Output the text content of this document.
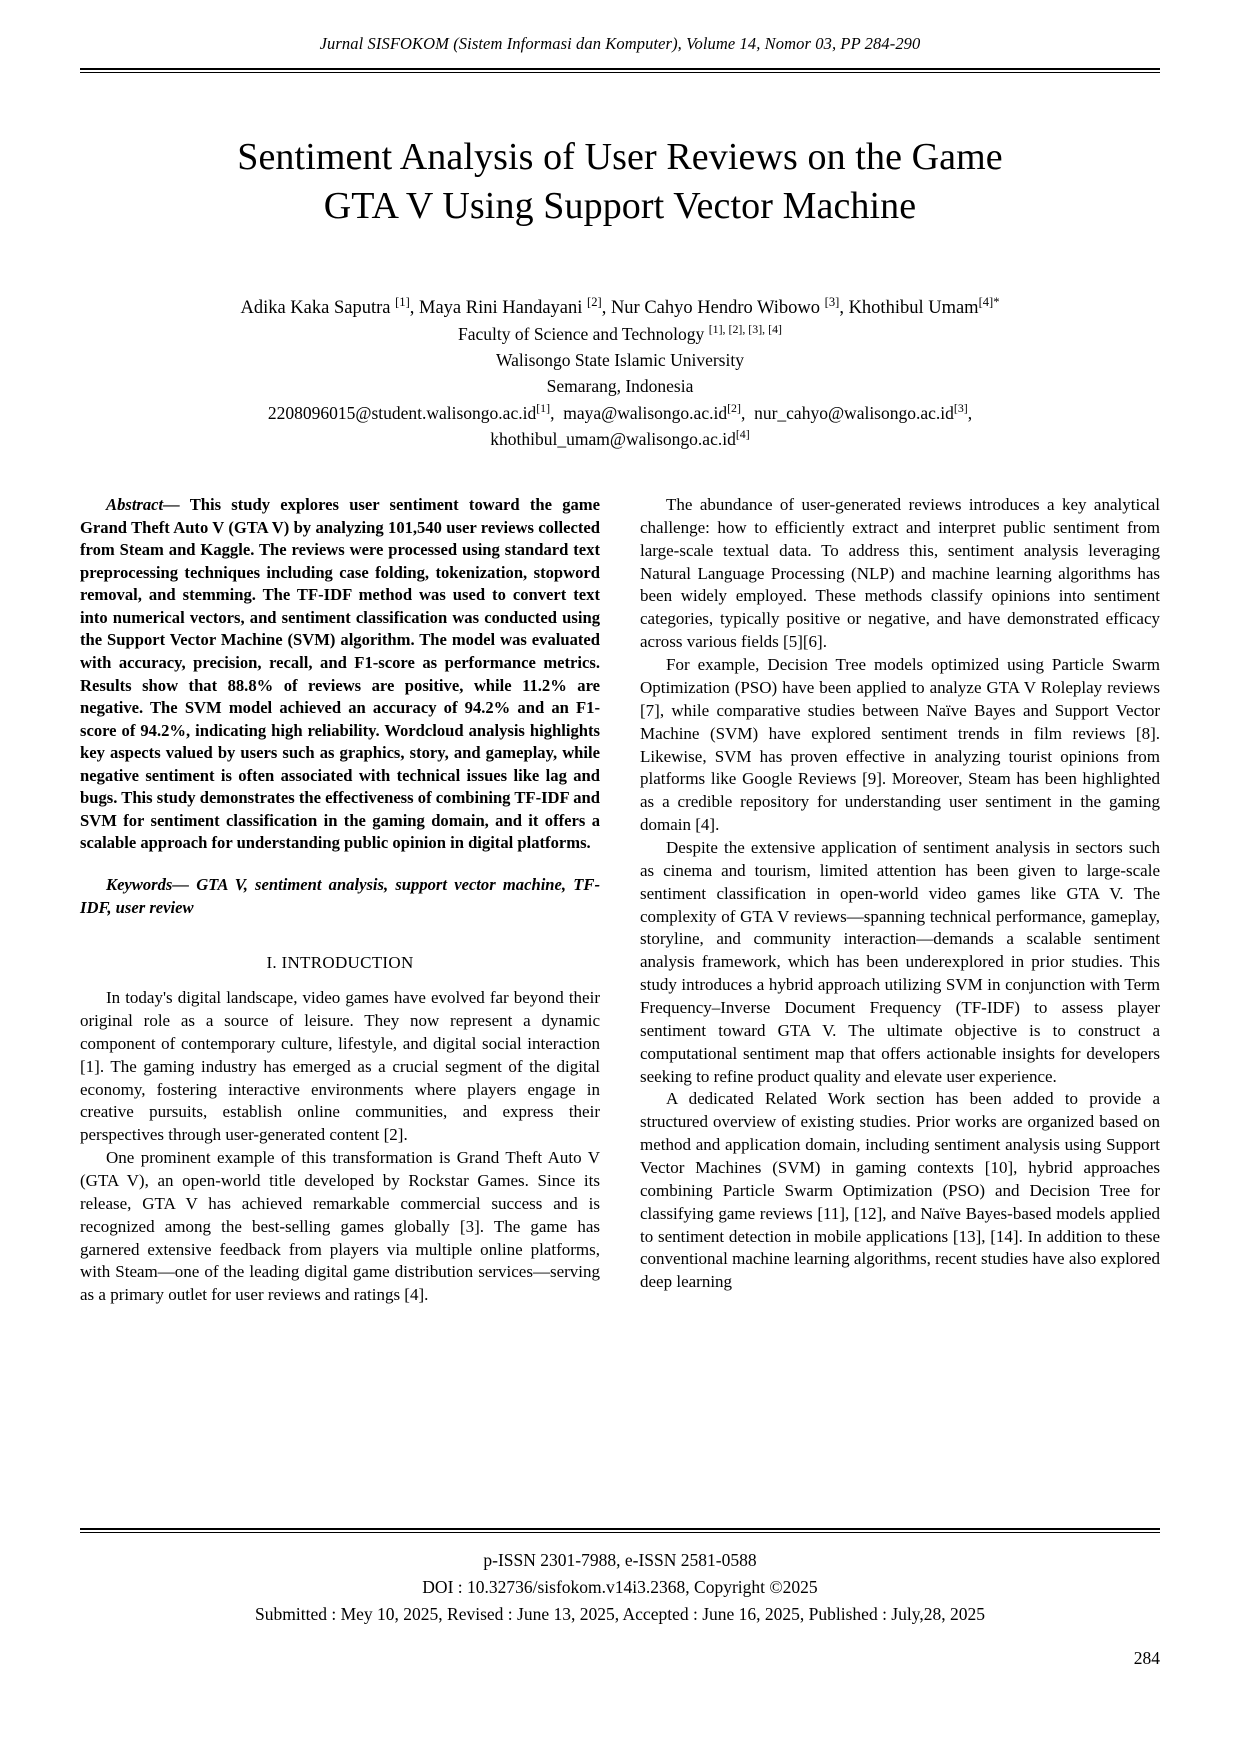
Jurnal SISFOKOM (Sistem Informasi dan Komputer), Volume 14, Nomor 03, PP 284-290
Sentiment Analysis of User Reviews on the Game
GTA V Using Support Vector Machine
Adika Kaka Saputra [1], Maya Rini Handayani [2], Nur Cahyo Hendro Wibowo [3], Khothibul Umam$^{[4]*}$
Faculty of Science and Technology [1], [2], [3], [4]
Walisongo State Islamic University
Semarang, Indonesia
2208096015@student.walisongo.ac.id[1],  maya@walisongo.ac.id[2],  nur_cahyo@walisongo.ac.id[3],
khothibul_umam@walisongo.ac.id[4]

Abstract— This study explores user sentiment toward the game Grand Theft Auto V (GTA V) by analyzing 101,540 user reviews collected from Steam and Kaggle. The reviews were processed using standard text preprocessing techniques including case folding, tokenization, stopword removal, and stemming. The TF-IDF method was used to convert text into numerical vectors, and sentiment classification was conducted using the Support Vector Machine (SVM) algorithm. The model was evaluated with accuracy, precision, recall, and F1-score as performance metrics. Results show that 88.8% of reviews are positive, while 11.2% are negative. The SVM model achieved an accuracy of 94.2% and an F1-score of 94.2%, indicating high reliability. Wordcloud analysis highlights key aspects valued by users such as graphics, story, and gameplay, while negative sentiment is often associated with technical issues like lag and bugs. This study demonstrates the effectiveness of combining TF-IDF and SVM for sentiment classification in the gaming domain, and it offers a scalable approach for understanding public opinion in digital platforms.

Keywords— GTA V, sentiment analysis, support vector machine, TF-IDF, user review

I. INTRODUCTION

In today's digital landscape, video games have evolved far beyond their original role as a source of leisure. They now represent a dynamic component of contemporary culture, lifestyle, and digital social interaction [1]. The gaming industry has emerged as a crucial segment of the digital economy, fostering interactive environments where players engage in creative pursuits, establish online communities, and express their perspectives through user-generated content [2].

One prominent example of this transformation is Grand Theft Auto V (GTA V), an open-world title developed by Rockstar Games. Since its release, GTA V has achieved remarkable commercial success and is recognized among the best-selling games globally [3]. The game has garnered extensive feedback from players via multiple online platforms, with Steam—one of the leading digital game distribution services—serving as a primary outlet for user reviews and ratings [4].

The abundance of user-generated reviews introduces a key analytical challenge: how to efficiently extract and interpret public sentiment from large-scale textual data. To address this, sentiment analysis leveraging Natural Language Processing (NLP) and machine learning algorithms has been widely employed. These methods classify opinions into sentiment categories, typically positive or negative, and have demonstrated efficacy across various fields [5][6].

For example, Decision Tree models optimized using Particle Swarm Optimization (PSO) have been applied to analyze GTA V Roleplay reviews [7], while comparative studies between Naïve Bayes and Support Vector Machine (SVM) have explored sentiment trends in film reviews [8]. Likewise, SVM has proven effective in analyzing tourist opinions from platforms like Google Reviews [9]. Moreover, Steam has been highlighted as a credible repository for understanding user sentiment in the gaming domain [4].

Despite the extensive application of sentiment analysis in sectors such as cinema and tourism, limited attention has been given to large-scale sentiment classification in open-world video games like GTA V. The complexity of GTA V reviews—spanning technical performance, gameplay, storyline, and community interaction—demands a scalable sentiment analysis framework, which has been underexplored in prior studies. This study introduces a hybrid approach utilizing SVM in conjunction with Term Frequency–Inverse Document Frequency (TF-IDF) to assess player sentiment toward GTA V. The ultimate objective is to construct a computational sentiment map that offers actionable insights for developers seeking to refine product quality and elevate user experience.

A dedicated Related Work section has been added to provide a structured overview of existing studies. Prior works are organized based on method and application domain, including sentiment analysis using Support Vector Machines (SVM) in gaming contexts [10], hybrid approaches combining Particle Swarm Optimization (PSO) and Decision Tree for classifying game reviews [11], [12], and Naïve Bayes-based models applied to sentiment detection in mobile applications [13], [14]. In addition to these conventional machine learning algorithms, recent studies have also explored deep learning

p-ISSN 2301-7988, e-ISSN 2581-0588
DOI : 10.32736/sisfokom.v14i3.2368, Copyright ©2025
Submitted : Mey 10, 2025, Revised : June 13, 2025, Accepted : June 16, 2025, Published : July,28, 2025
284
